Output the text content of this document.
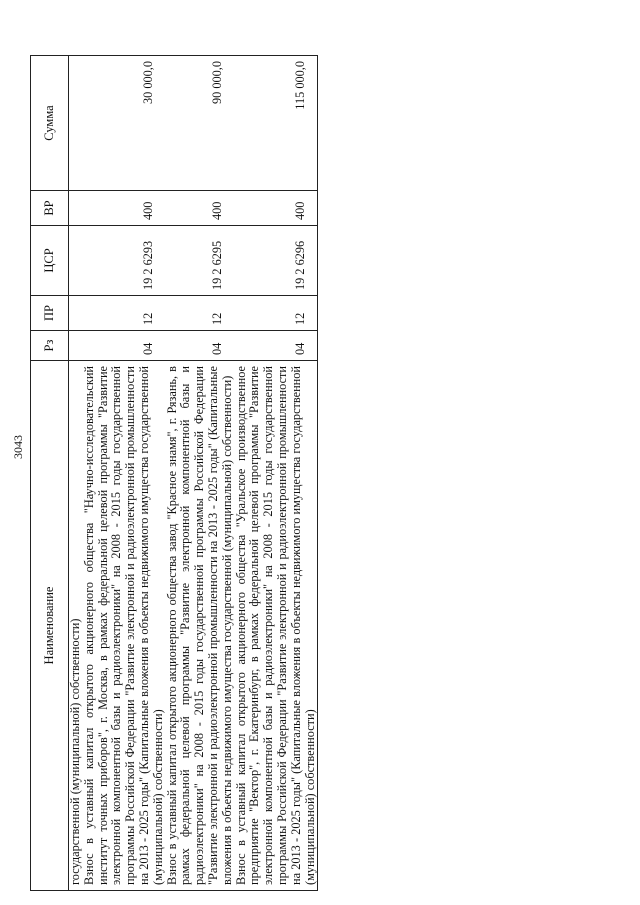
3043
Наименование	Рз	ПР	ЦСР	ВР	Сумма
государственной (муниципальной) собственности)					
Взнос в уставный капитал открытого акционерного общества "Научно-исследовательский институт точных приборов", г. Москва, в рамках федеральной целевой программы "Развитие электронной компонентной базы и радиоэлектроники" на 2008 - 2015 годы государственной программы Российской Федерации "Развитие электронной и радиоэлектронной промышленности на 2013 - 2025 годы" (Капитальные вложения в объекты недвижимого имущества государственной (муниципальной) собственности)	04	12	19 2 6293	400	30 000,0
Взнос в уставный капитал открытого акционерного общества завод "Красное знамя", г. Рязань, в рамках федеральной целевой программы "Развитие электронной компонентной базы и радиоэлектроники" на 2008 - 2015 годы государственной программы Российской Федерации "Развитие электронной и радиоэлектронной промышленности на 2013 - 2025 годы" (Капитальные вложения в объекты недвижимого имущества государственной (муниципальной) собственности)	04	12	19 2 6295	400	90 000,0
Взнос в уставный капитал открытого акционерного общества "Уральское производственное предприятие "Вектор", г. Екатеринбург, в рамках федеральной целевой программы "Развитие электронной компонентной базы и радиоэлектроники" на 2008 - 2015 годы государственной программы Российской Федерации "Развитие электронной и радиоэлектронной промышленности на 2013 - 2025 годы" (Капитальные вложения в объекты недвижимого имущества государственной (муниципальной) собственности)	04	12	19 2 6296	400	115 000,0
